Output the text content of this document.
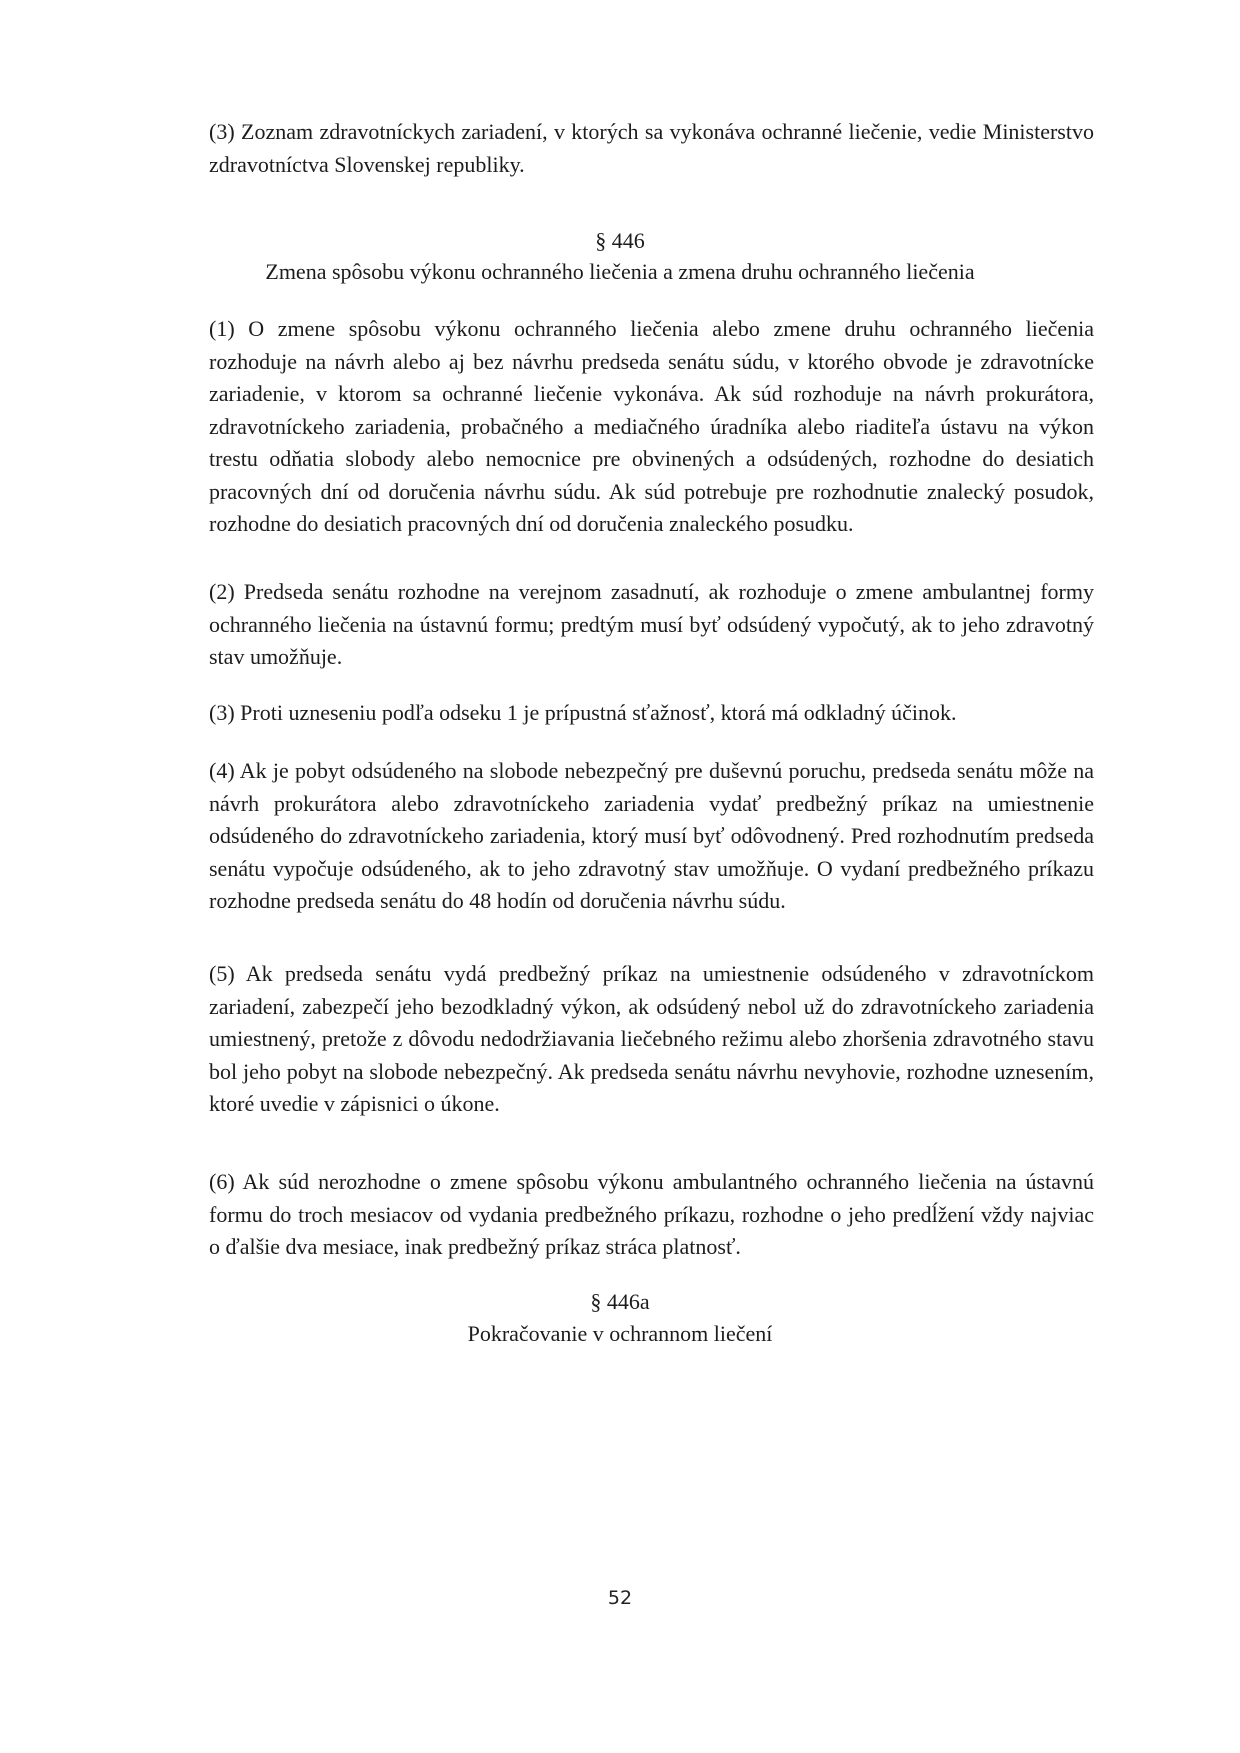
(3) Zoznam zdravotníckych zariadení, v ktorých sa vykonáva ochranné liečenie, vedie Ministerstvo zdravotníctva Slovenskej republiky.

§ 446

Zmena spôsobu výkonu ochranného liečenia a zmena druhu ochranného liečenia

(1) O zmene spôsobu výkonu ochranného liečenia alebo zmene druhu ochranného liečenia rozhoduje na návrh alebo aj bez návrhu predseda senátu súdu, v ktorého obvode je zdravotnícke zariadenie, v ktorom sa ochranné liečenie vykonáva. Ak súd rozhoduje na návrh prokurátora, zdravotníckeho zariadenia, probačného a mediačného úradníka alebo riaditeľa ústavu na výkon trestu odňatia slobody alebo nemocnice pre obvinených a odsúdených, rozhodne do desiatich pracovných dní od doručenia návrhu súdu. Ak súd potrebuje pre rozhodnutie znalecký posudok, rozhodne do desiatich pracovných dní od doručenia znaleckého posudku.

(2) Predseda senátu rozhodne na verejnom zasadnutí, ak rozhoduje o zmene ambulantnej formy ochranného liečenia na ústavnú formu; predtým musí byť odsúdený vypočutý, ak to jeho zdravotný stav umožňuje.

(3) Proti uzneseniu podľa odseku 1 je prípustná sťažnosť, ktorá má odkladný účinok.

(4) Ak je pobyt odsúdeného na slobode nebezpečný pre duševnú poruchu, predseda senátu môže na návrh prokurátora alebo zdravotníckeho zariadenia vydať predbežný príkaz na umiestnenie odsúdeného do zdravotníckeho zariadenia, ktorý musí byť odôvodnený. Pred rozhodnutím predseda senátu vypočuje odsúdeného, ak to jeho zdravotný stav umožňuje. O vydaní predbežného príkazu rozhodne predseda senátu do 48 hodín od doručenia návrhu súdu.

(5) Ak predseda senátu vydá predbežný príkaz na umiestnenie odsúdeného v zdravotníckom zariadení, zabezpečí jeho bezodkladný výkon, ak odsúdený nebol už do zdravotníckeho zariadenia umiestnený, pretože z dôvodu nedodržiavania liečebného režimu alebo zhoršenia zdravotného stavu bol jeho pobyt na slobode nebezpečný. Ak predseda senátu návrhu nevyhovie, rozhodne uznesením, ktoré uvedie v zápisnici o úkone.

(6) Ak súd nerozhodne o zmene spôsobu výkonu ambulantného ochranného liečenia na ústavnú formu do troch mesiacov od vydania predbežného príkazu, rozhodne o jeho predĺžení vždy najviac o ďalšie dva mesiace, inak predbežný príkaz stráca platnosť.

§ 446a

Pokračovanie v ochrannom liečení

52
